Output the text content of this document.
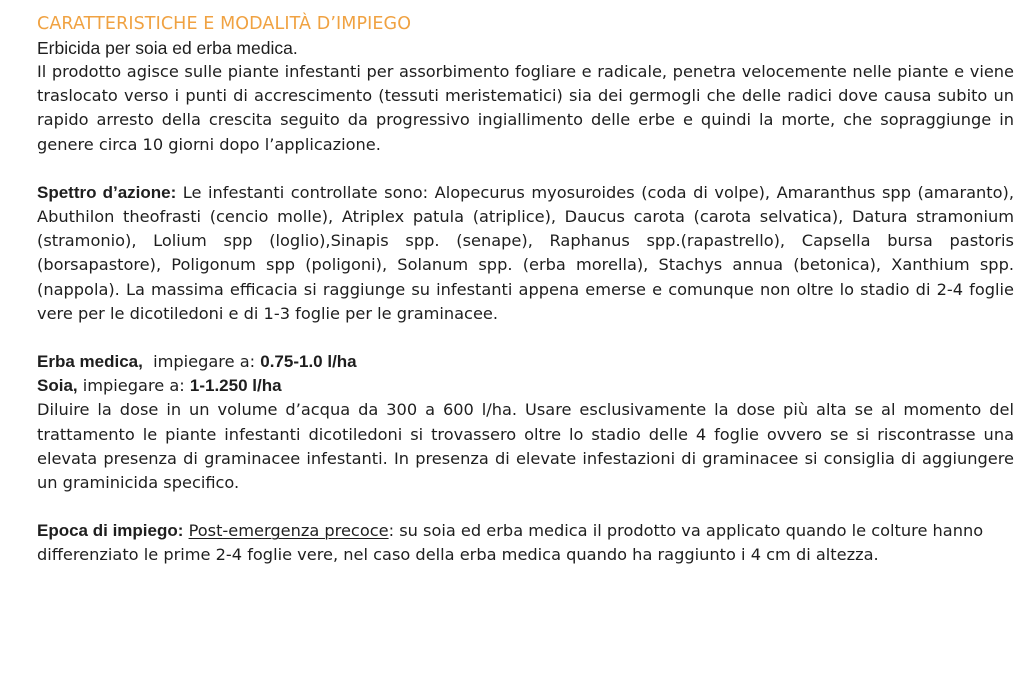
CARATTERISTICHE E MODALITÀ D’IMPIEGO
Erbicida per soia ed erba medica.

Il prodotto agisce sulle piante infestanti per assorbimento fogliare e radicale, penetra velocemente nelle piante e viene traslocato verso i punti di accrescimento (tessuti meristematici) sia dei germogli che delle radici dove causa subito un rapido arresto della crescita seguito da progressivo ingiallimento delle erbe e quindi la morte, che sopraggiunge in genere circa 10 giorni dopo l’applicazione.

Spettro d’azione: Le infestanti controllate sono: Alopecurus myosuroides (coda di volpe), Amaranthus spp (amaranto), Abuthilon theofrasti (cencio molle), Atriplex patula (atriplice), Daucus carota (carota selvatica), Datura stramonium (stramonio), Lolium spp (loglio),Sinapis spp. (senape), Raphanus spp.(rapastrello), Capsella bursa pastoris (borsapastore), Poligonum spp (poligoni), Solanum spp. (erba morella), Stachys annua (betonica), Xanthium spp. (nappola). La massima efficacia si raggiunge su infestanti appena emerse e comunque non oltre lo stadio di 2-4 foglie vere per le dicotiledoni e di 1-3 foglie per le graminacee.

Erba medica,  impiegare a: 0.75-1.0 l/ha
Soia, impiegare a: 1-1.250 l/ha

Diluire la dose in un volume d’acqua da 300 a 600 l/ha. Usare esclusivamente la dose più alta se al momento del trattamento le piante infestanti dicotiledoni si trovassero oltre lo stadio delle 4 foglie ovvero se si riscontrasse una elevata presenza di graminacee infestanti. In presenza di elevate infestazioni di graminacee si consiglia di aggiungere un graminicida specifico.

Epoca di impiego: Post-emergenza precoce: su soia ed erba medica il prodotto va applicato quando le colture hanno differenziato le prime 2-4 foglie vere, nel caso della erba medica quando ha raggiunto i 4 cm di altezza.
